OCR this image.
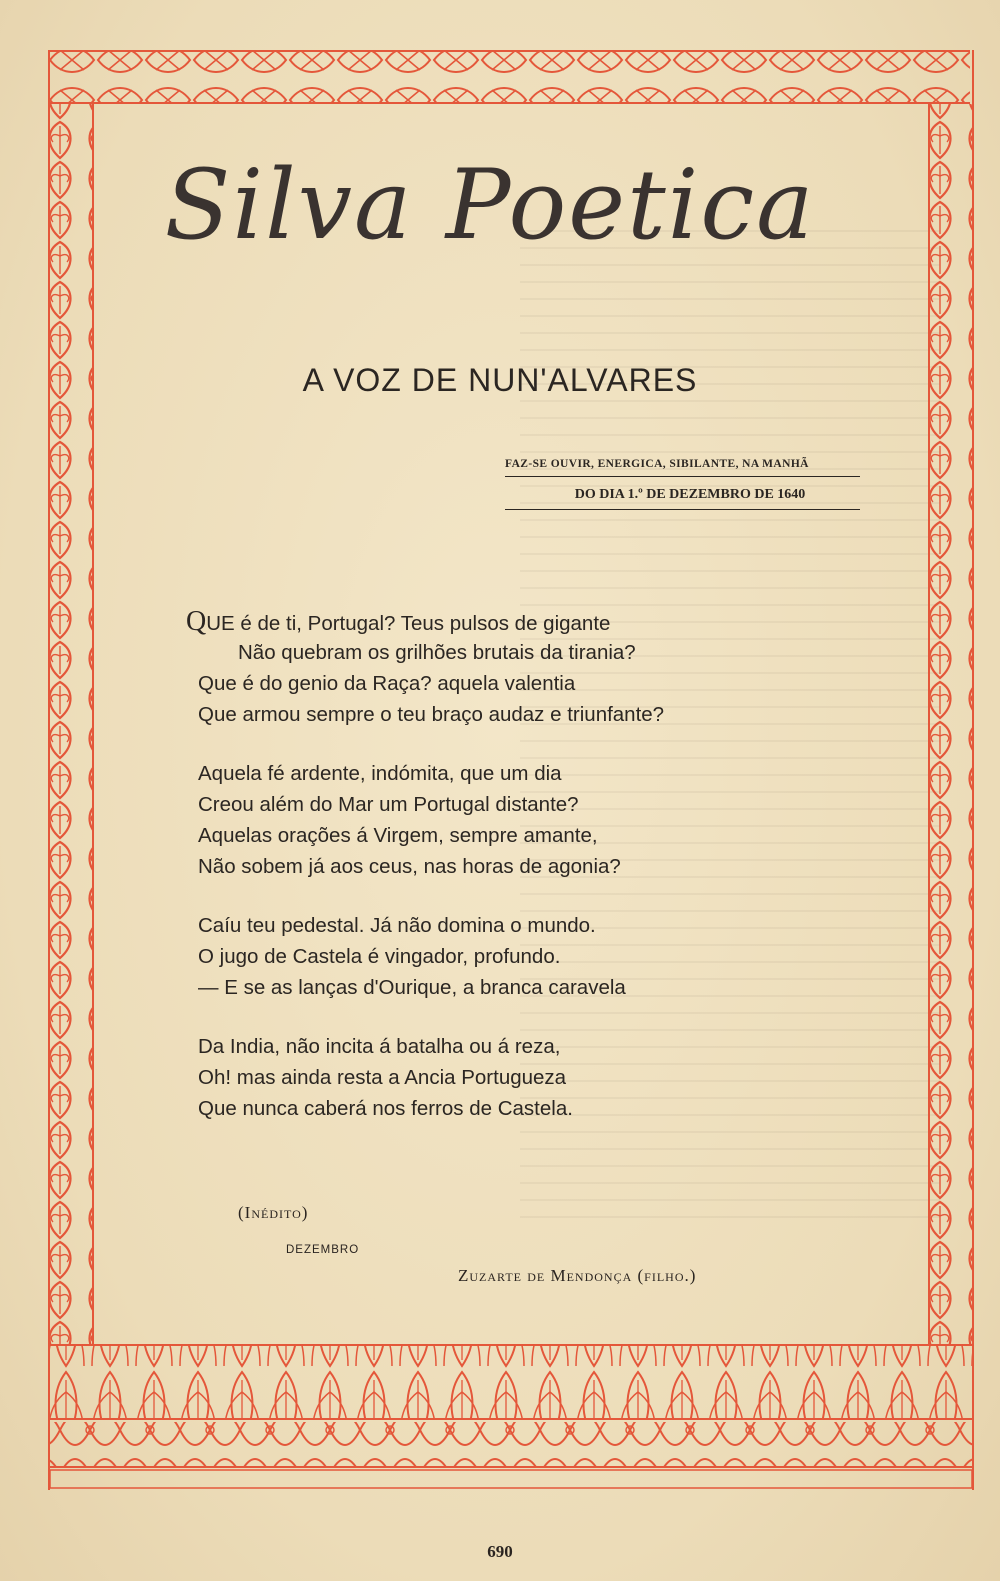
Silva Poetica
A VOZ DE NUN'ALVARES
FAZ-SE OUVIR, ENERGICA, SIBILANTE, NA MANHÃ
DO DIA 1.º DE DEZEMBRO DE 1640
QUE é de ti, Portugal? Teus pulsos de gigante
Não quebram os grilhões brutais da tirania?
Que é do genio da Raça? aquela valentia
Que armou sempre o teu braço audaz e triunfante?
Aquela fé ardente, indómita, que um dia
Creou além do Mar um Portugal distante?
Aquelas orações á Virgem, sempre amante,
Não sobem já aos ceus, nas horas de agonia?
Caíu teu pedestal. Já não domina o mundo.
O jugo de Castela é vingador, profundo.
— E se as lanças d'Ourique, a branca caravela
Da India, não incita á batalha ou á reza,
Oh! mas ainda resta a Ancia Portugueza
Que nunca caberá nos ferros de Castela.
(Inédito)
DEZEMBRO
Zuzarte de Mendonça (filho.)
690
